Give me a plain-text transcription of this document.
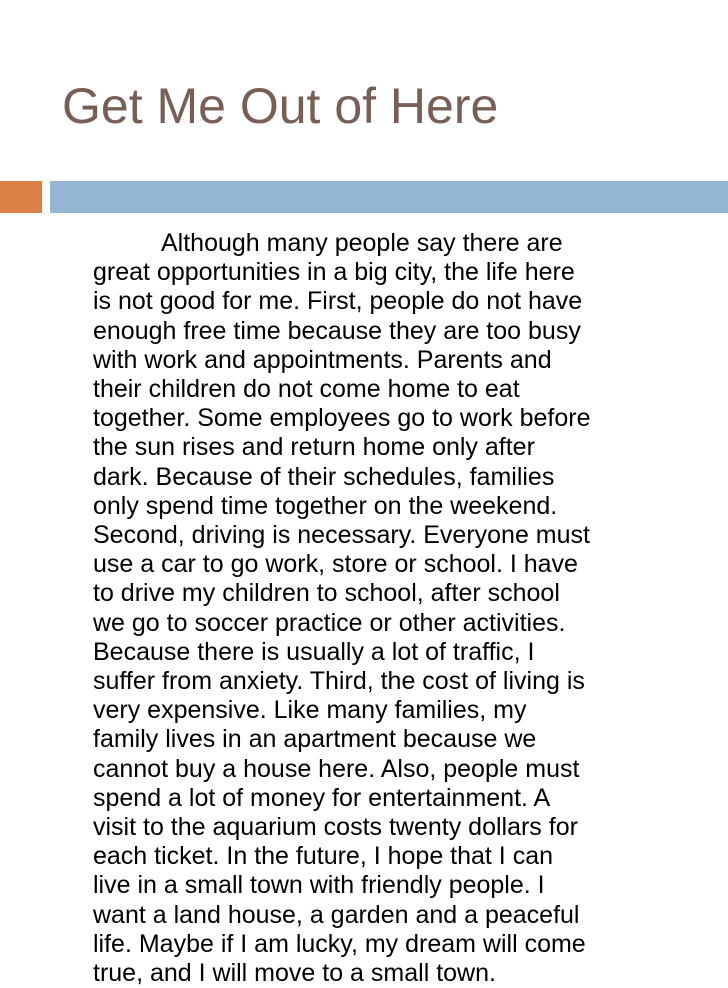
Get Me Out of Here
Although many people say there are
great opportunities in a big city, the life here
is not good for me. First, people do not have
enough free time because they are too busy
with work and appointments. Parents and
their children do not come home to eat
together. Some employees go to work before
the sun rises and return home only after
dark. Because of their schedules, families
only spend time together on the weekend.
Second, driving is necessary. Everyone must
use a car to go work, store or school. I have
to drive my children to school, after school
we go to soccer practice or other activities.
Because there is usually a lot of traffic, I
suffer from anxiety. Third, the cost of living is
very expensive. Like many families, my
family lives in an apartment because we
cannot buy a house here. Also, people must
spend a lot of money for entertainment. A
visit to the aquarium costs twenty dollars for
each ticket. In the future, I hope that I can
live in a small town with friendly people. I
want a land house, a garden and a peaceful
life. Maybe if I am lucky, my dream will come
true, and I will move to a small town.
